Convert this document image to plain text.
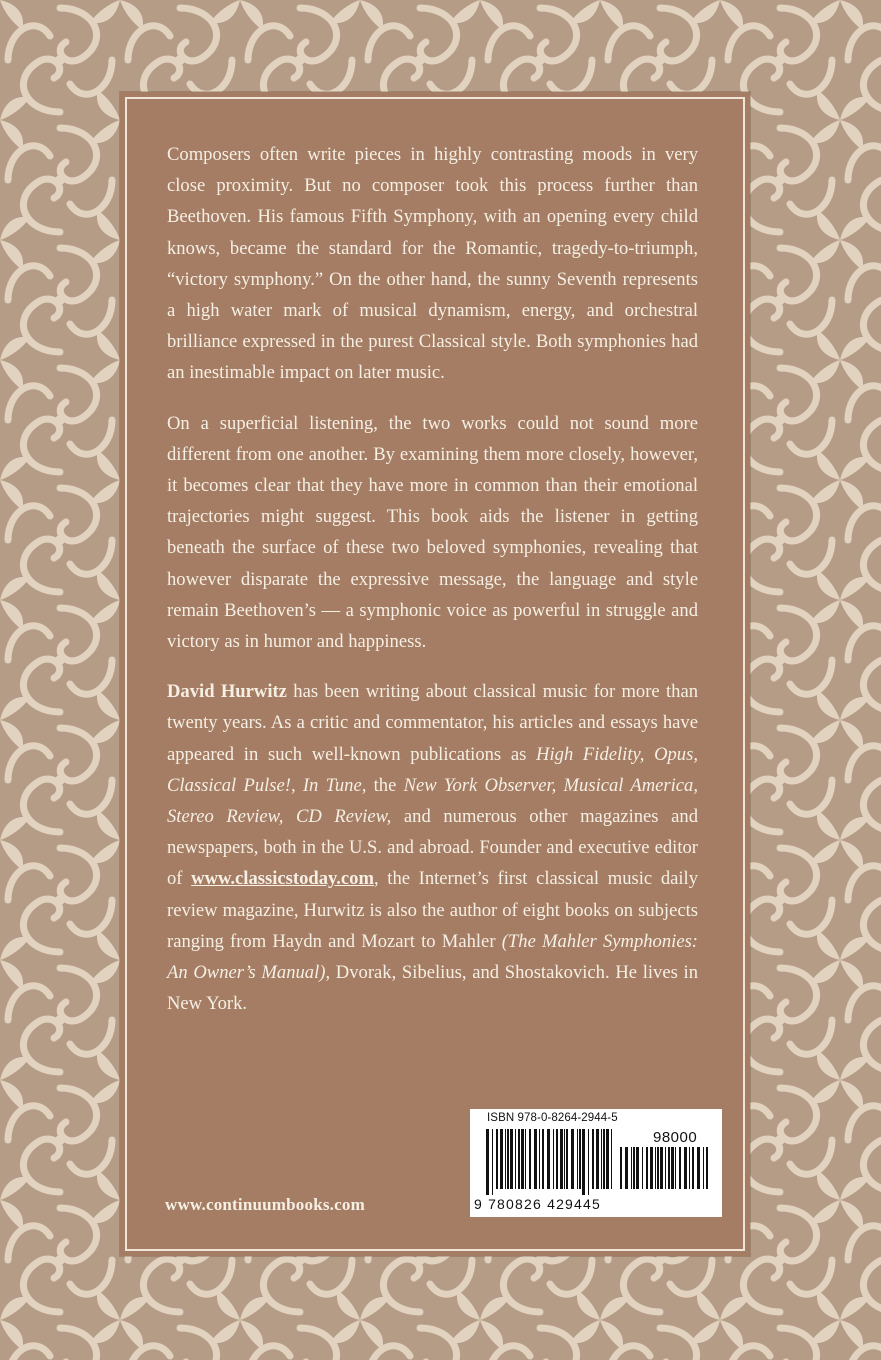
Composers often write pieces in highly contrasting moods in very close proximity. But no composer took this process further than Beethoven. His famous Fifth Symphony, with an opening every child knows, became the standard for the Romantic, tragedy-to-triumph, “victory symphony.” On the other hand, the sunny Seventh represents a high water mark of musical dynamism, energy, and orchestral brilliance expressed in the purest Classical style. Both symphonies had an inestimable impact on later music.

On a superficial listening, the two works could not sound more different from one another. By examining them more closely, however, it becomes clear that they have more in common than their emotional trajectories might suggest. This book aids the listener in getting beneath the surface of these two beloved symphonies, revealing that however disparate the expressive message, the language and style remain Beethoven’s — a symphonic voice as powerful in struggle and victory as in humor and happiness.

David Hurwitz has been writing about classical music for more than twenty years. As a critic and commentator, his articles and essays have appeared in such well-known publications as High Fidelity, Opus, Classical Pulse!, In Tune, the New York Observer, Musical America, Stereo Review, CD Review, and numerous other magazines and newspapers, both in the U.S. and abroad. Founder and executive editor of www.classicstoday.com, the Internet’s first classical music daily review magazine, Hurwitz is also the author of eight books on subjects ranging from Haydn and Mozart to Mahler (The Mahler Symphonies: An Owner’s Manual), Dvorak, Sibelius, and Shostakovich. He lives in New York.

www.continuumbooks.com
ISBN 978-0-8264-2944-5
98000
9 780826 429445
